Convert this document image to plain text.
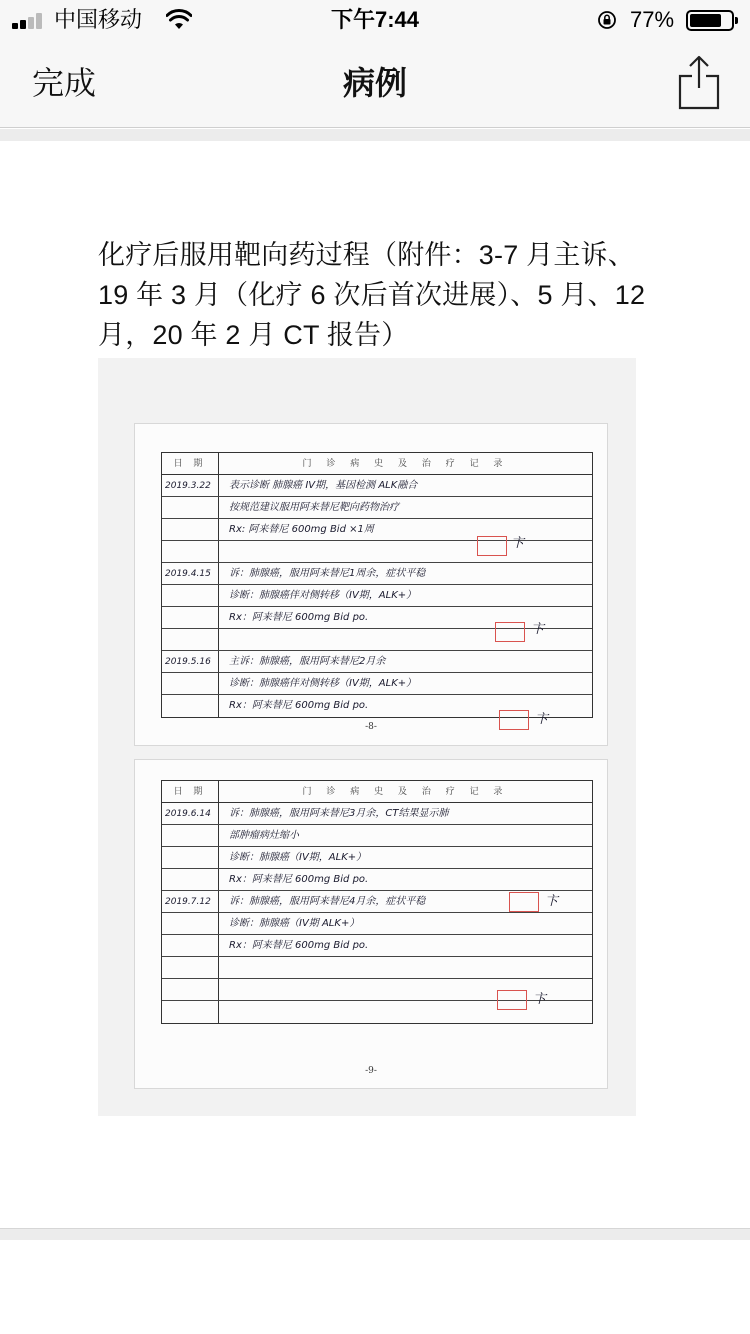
中国移动	下午7:44	77%
完成	病例
化疗后服用靶向药过程（附件：3-7 月主诉、19 年 3 月（化疗 6 次后首次进展）、5 月、12 月，20 年 2 月 CT 报告）
日 期	门 诊 病 史 及 治 疗 记 录
2019.3.22	表示诊断 肺腺癌 IV期，基因检测 ALK融合
按规范建议服用阿来替尼靶向药物治疗
Rx: 阿来替尼 600mg Bid ×1周
2019.4.15	诉：肺腺癌，服用阿来替尼1周余，症状平稳
诊断：肺腺癌伴对侧转移（IV期，ALK+）
Rx：阿来替尼 600mg Bid po.
2019.5.16	主诉：肺腺癌，服用阿来替尼2月余
诊断：肺腺癌伴对侧转移（IV期，ALK+）
Rx：阿来替尼 600mg Bid po.
卞
卞
卞
-8-
日 期	门 诊 病 史 及 治 疗 记 录
2019.6.14	诉：肺腺癌，服用阿来替尼3月余，CT结果显示肺
部肿瘤病灶缩小
诊断：肺腺癌（IV期，ALK+）
Rx：阿来替尼 600mg Bid po.
2019.7.12	诉：肺腺癌，服用阿来替尼4月余，症状平稳
诊断：肺腺癌（IV期 ALK+）
Rx：阿来替尼 600mg Bid po.
卞
卞
-9-
